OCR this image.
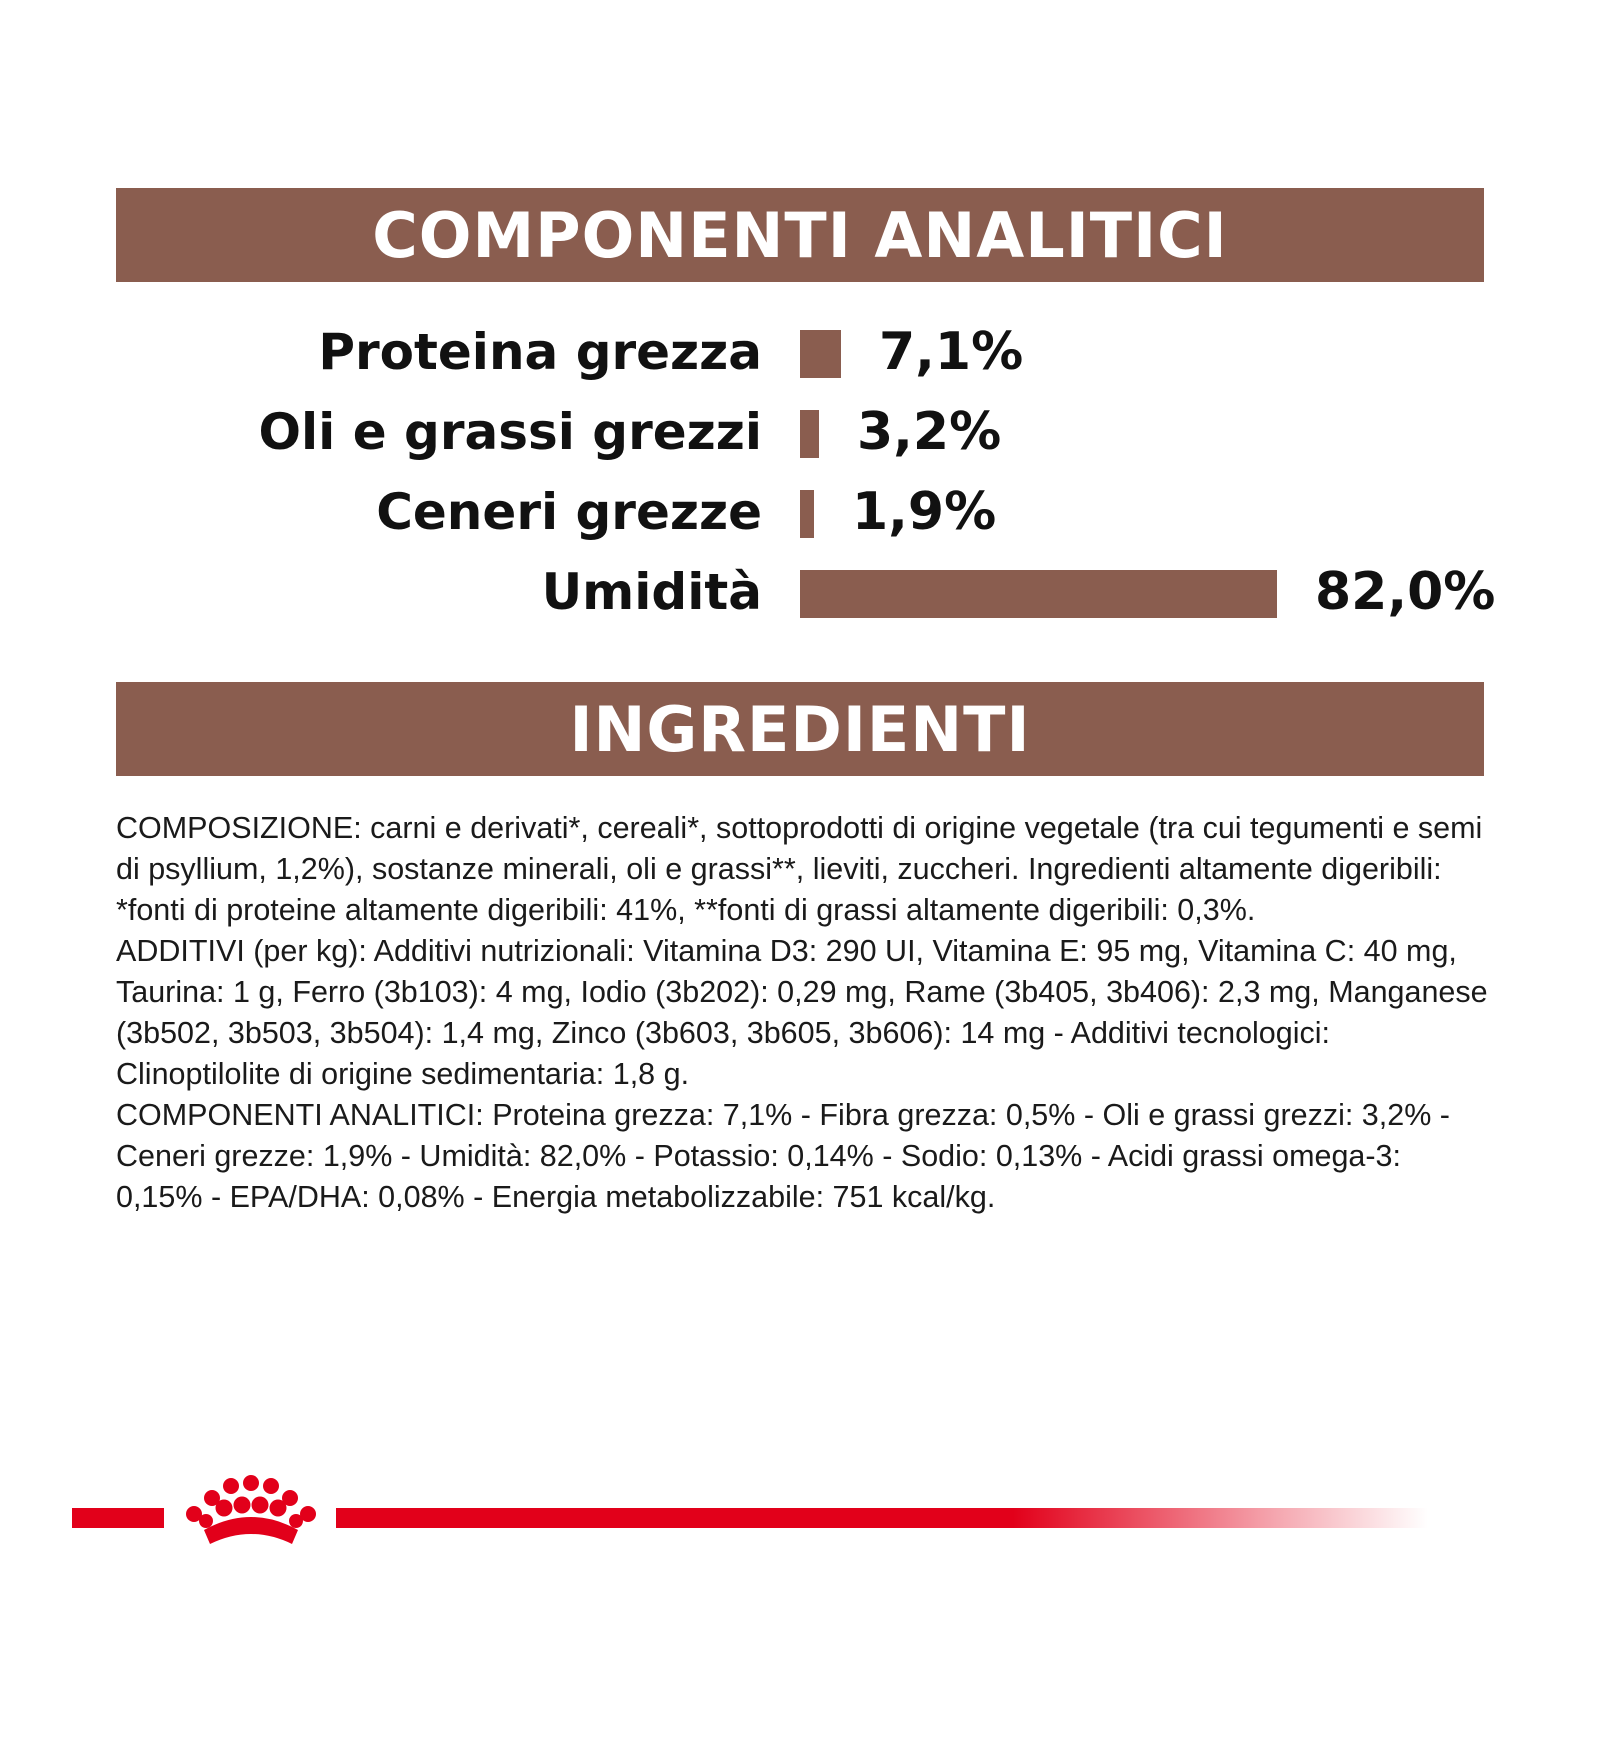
COMPONENTI ANALITICI
Proteina grezza 7,1%
Oli e grassi grezzi 3,2%
Ceneri grezze 1,9%
Umidità	82,0%
INGREDIENTI

COMPOSIZIONE: carni e derivati*, cereali*, sottoprodotti di origine vegetale (tra cui tegumenti e semi di psyllium, 1,2%), sostanze minerali, oli e grassi**, lieviti, zuccheri. Ingredienti altamente digeribili: *fonti di proteine altamente digeribili: 41%, **fonti di grassi altamente digeribili: 0,3%.

ADDITIVI (per kg): Additivi nutrizionali: Vitamina D3: 290 UI, Vitamina E: 95 mg, Vitamina C: 40 mg, Taurina: 1 g, Ferro (3b103): 4 mg, Iodio (3b202): 0,29 mg, Rame (3b405, 3b406): 2,3 mg, Manganese (3b502, 3b503, 3b504): 1,4 mg, Zinco (3b603, 3b605, 3b606): 14 mg - Additivi tecnologici: Clinoptilolite di origine sedimentaria: 1,8 g.

COMPONENTI ANALITICI: Proteina grezza: 7,1% - Fibra grezza: 0,5% - Oli e grassi grezzi: 3,2% - Ceneri grezze: 1,9% - Umidità: 82,0% - Potassio: 0,14% - Sodio: 0,13% - Acidi grassi omega-3: 0,15% - EPA/DHA: 0,08% - Energia metabolizzabile: 751 kcal/kg.
